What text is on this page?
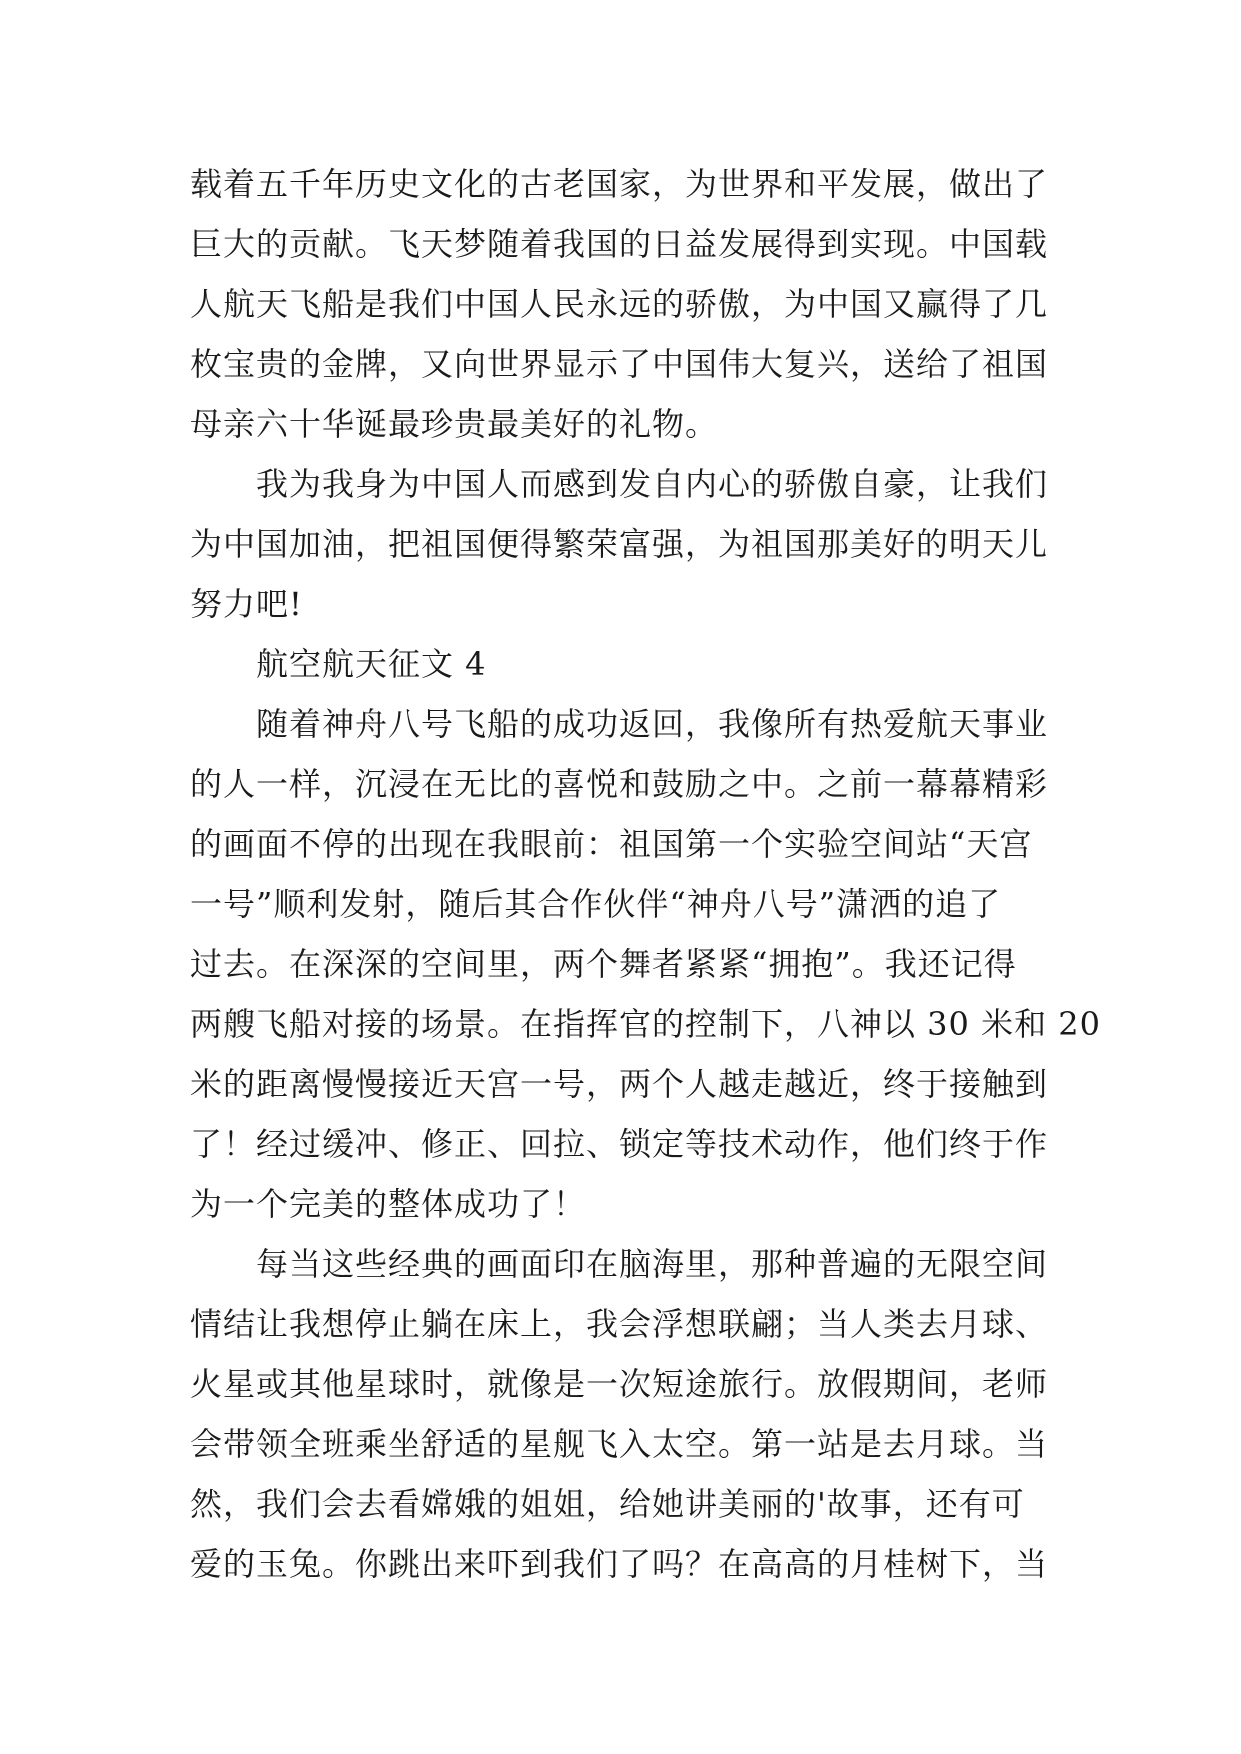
载着五千年历史文化的古老国家，为世界和平发展，做出了
巨大的贡献。飞天梦随着我国的日益发展得到实现。中国载
人航天飞船是我们中国人民永远的骄傲，为中国又赢得了几
枚宝贵的金牌，又向世界显示了中国伟大复兴，送给了祖国
母亲六十华诞最珍贵最美好的礼物。
我为我身为中国人而感到发自内心的骄傲自豪，让我们
为中国加油，把祖国便得繁荣富强，为祖国那美好的明天儿
努力吧!
航空航天征文 4
随着神舟八号飞船的成功返回，我像所有热爱航天事业
的人一样，沉浸在无比的喜悦和鼓励之中。之前一幕幕精彩
的画面不停的出现在我眼前：祖国第一个实验空间站“天宫
一号”顺利发射，随后其合作伙伴“神舟八号”潇洒的追了
过去。在深深的空间里，两个舞者紧紧“拥抱”。我还记得
两艘飞船对接的场景。在指挥官的控制下，八神以 30 米和 20
米的距离慢慢接近天宫一号，两个人越走越近，终于接触到
了！经过缓冲、修正、回拉、锁定等技术动作，他们终于作
为一个完美的整体成功了！
每当这些经典的画面印在脑海里，那种普遍的无限空间
情结让我想停止躺在床上，我会浮想联翩；当人类去月球、
火星或其他星球时，就像是一次短途旅行。放假期间，老师
会带领全班乘坐舒适的星舰飞入太空。第一站是去月球。当
然，我们会去看嫦娥的姐姐，给她讲美丽的'故事，还有可
爱的玉兔。你跳出来吓到我们了吗？在高高的月桂树下，当
